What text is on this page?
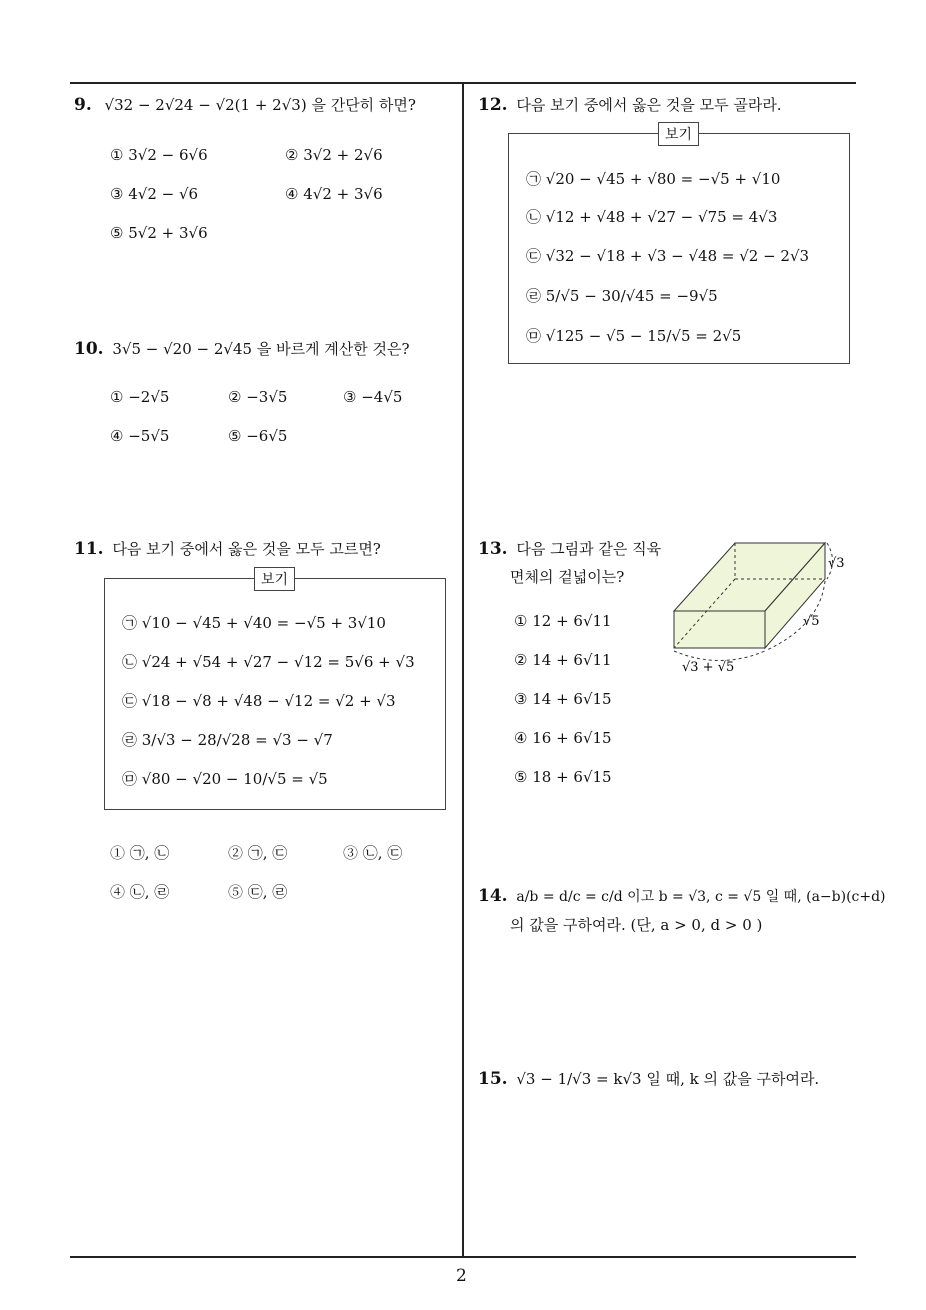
9. √32 − 2√24 − √2(1 + 2√3) 을 간단히 하면?
① 3√2 − 6√6	② 3√2 + 2√6
③ 4√2 − √6	④ 4√2 + 3√6
⑤ 5√2 + 3√6
10. 3√5 − √20 − 2√45 을 바르게 계산한 것은?
① −2√5	② −3√5	③ −4√5
④ −5√5	⑤ −6√5
11. 다음 보기 중에서 옳은 것을 모두 고르면?
보기
㉠ √10 − √45 + √40 = −√5 + 3√10
㉡ √24 + √54 + √27 − √12 = 5√6 + √3
㉢ √18 − √8 + √48 − √12 = √2 + √3
㉣ 3/√3 − 28/√28 = √3 − √7
㉤ √80 − √20 − 10/√5 = √5
① ㉠, ㉡	② ㉠, ㉢	③ ㉡, ㉢
④ ㉡, ㉣	⑤ ㉢, ㉣
12. 다음 보기 중에서 옳은 것을 모두 골라라.
보기
㉠ √20 − √45 + √80 = −√5 + √10
㉡ √12 + √48 + √27 − √75 = 4√3
㉢ √32 − √18 + √3 − √48 = √2 − 2√3
㉣ 5/√5 − 30/√45 = −9√5
㉤ √125 − √5 − 15/√5 = 2√5
13. 다음 그림과 같은 직육
면체의 겉넓이는?
① 12 + 6√11
② 14 + 6√11
③ 14 + 6√15
④ 16 + 6√15
⑤ 18 + 6√15
√3
√5
√3 + √5
14. a/b = d/c = c/d 이고 b = √3, c = √5 일 때, (a−b)(c+d)
의 값을 구하여라. (단, a > 0, d > 0 )
15. √3 − 1/√3 = k√3 일 때, k 의 값을 구하여라.
2
